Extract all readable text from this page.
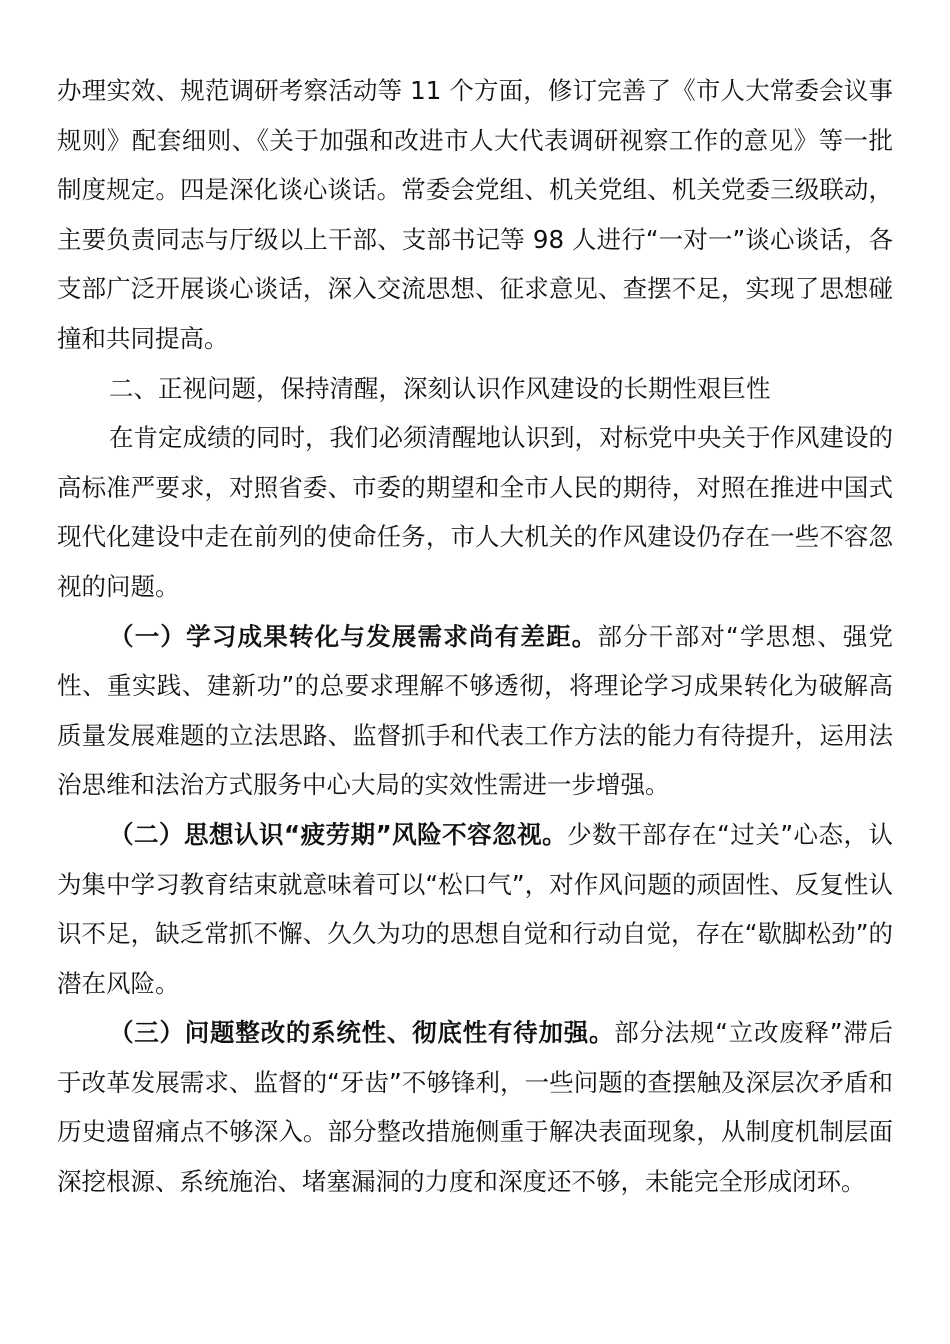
办理实效、规范调研考察活动等 11 个方面，修订完善了《市人大常委会议事规则》配套细则、《关于加强和改进市人大代表调研视察工作的意见》等一批制度规定。四是深化谈心谈话。常委会党组、机关党组、机关党委三级联动，主要负责同志与厅级以上干部、支部书记等 98 人进行“一对一”谈心谈话，各支部广泛开展谈心谈话，深入交流思想、征求意见、查摆不足，实现了思想碰撞和共同提高。

二、正视问题，保持清醒，深刻认识作风建设的长期性艰巨性

在肯定成绩的同时，我们必须清醒地认识到，对标党中央关于作风建设的高标准严要求，对照省委、市委的期望和全市人民的期待，对照在推进中国式现代化建设中走在前列的使命任务，市人大机关的作风建设仍存在一些不容忽视的问题。

（一）学习成果转化与发展需求尚有差距。部分干部对“学思想、强党性、重实践、建新功”的总要求理解不够透彻，将理论学习成果转化为破解高质量发展难题的立法思路、监督抓手和代表工作方法的能力有待提升，运用法治思维和法治方式服务中心大局的实效性需进一步增强。

（二）思想认识“疲劳期”风险不容忽视。少数干部存在“过关”心态，认为集中学习教育结束就意味着可以“松口气”，对作风问题的顽固性、反复性认识不足，缺乏常抓不懈、久久为功的思想自觉和行动自觉，存在“歇脚松劲”的潜在风险。

（三）问题整改的系统性、彻底性有待加强。部分法规“立改废释”滞后于改革发展需求、监督的“牙齿”不够锋利，一些问题的查摆触及深层次矛盾和历史遗留痛点不够深入。部分整改措施侧重于解决表面现象，从制度机制层面深挖根源、系统施治、堵塞漏洞的力度和深度还不够，未能完全形成闭环。
